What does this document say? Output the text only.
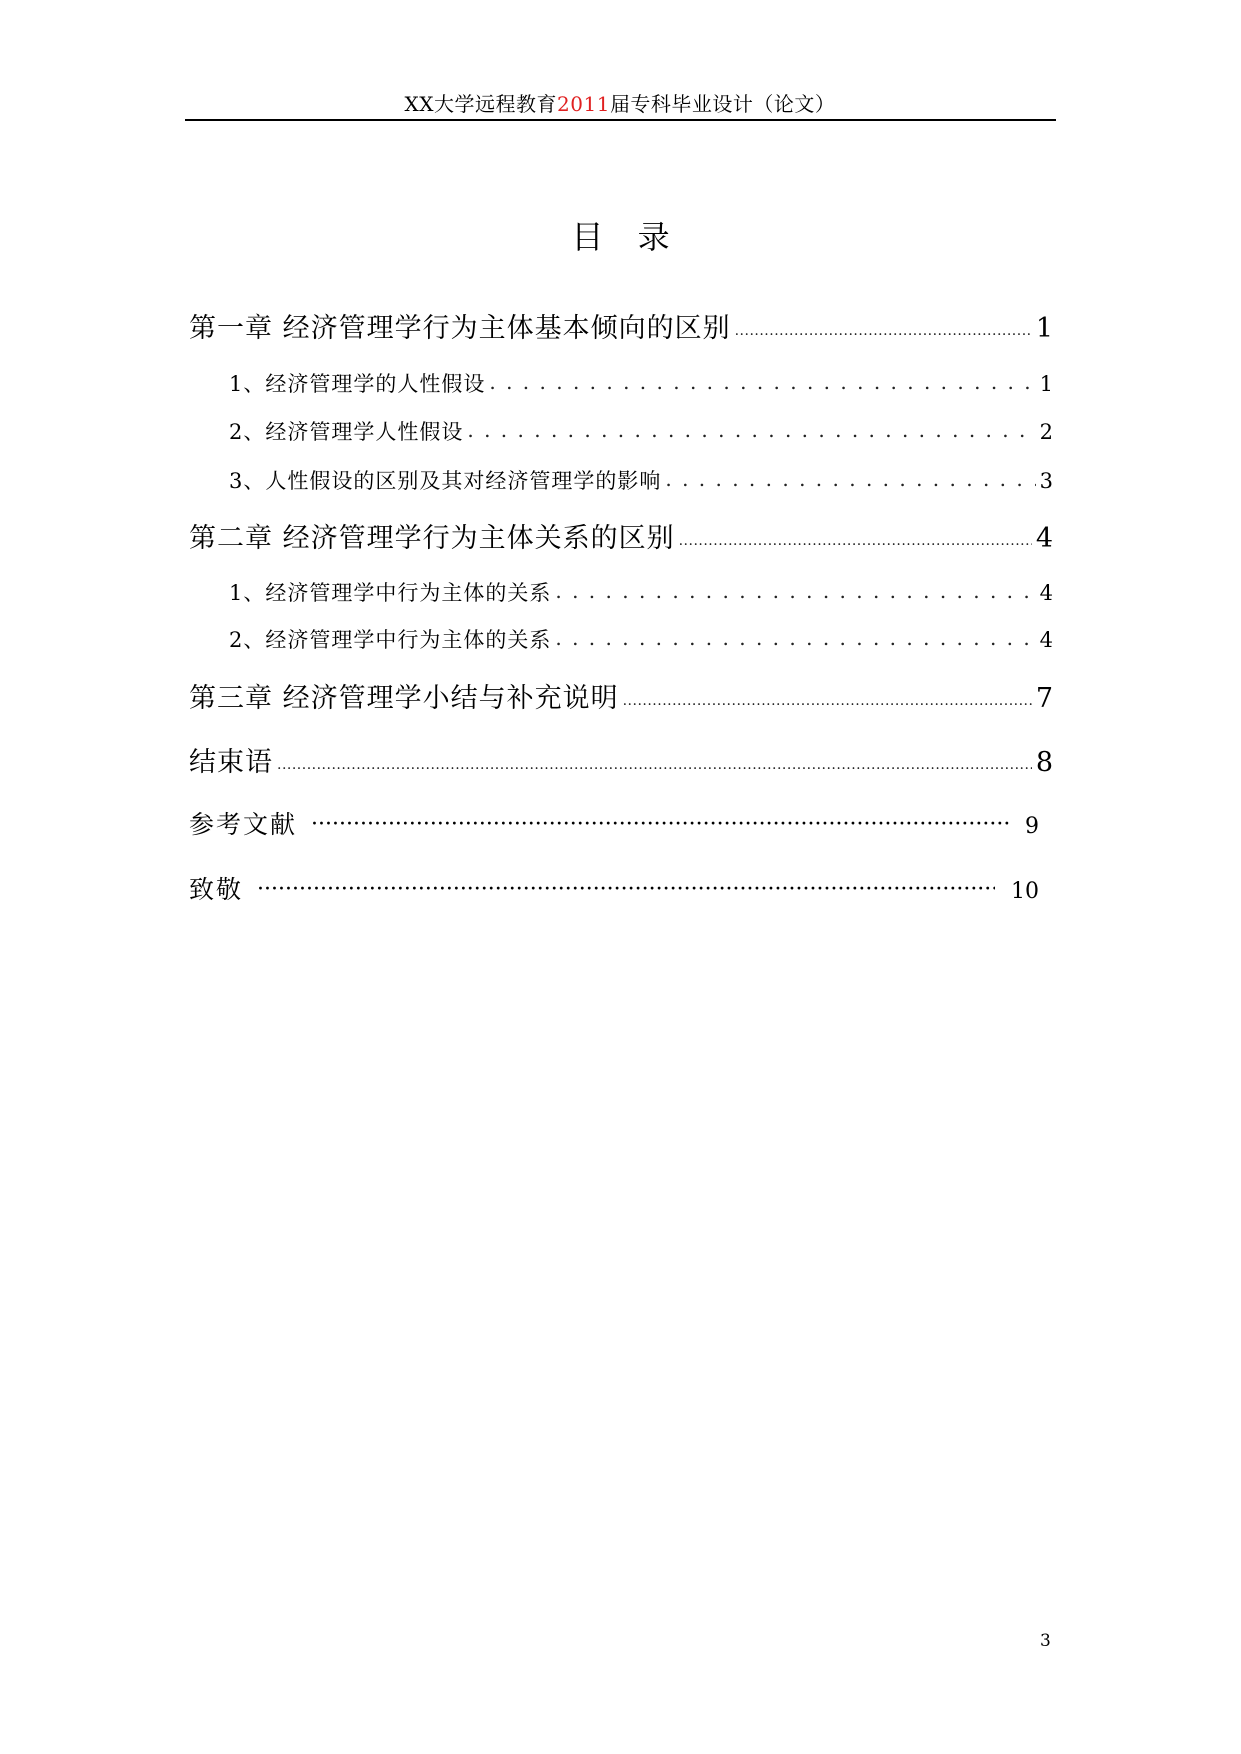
XX大学远程教育2011届专科毕业设计（论文）
目 录
第一章 经济管理学行为主体基本倾向的区别 .....	1
1、经济管理学的人性假设 . . .	1
2、经济管理学人性假设 . . .	2
3、人性假设的区别及其对经济管理学的影响 . . .	3
第二章 经济管理学行为主体关系的区别 .....	4
1、经济管理学中行为主体的关系 . . .	4
2、经济管理学中行为主体的关系 . . .	4
第三章 经济管理学小结与补充说明 .....	7
结束语 .....	8
参考文献 ·····	9
致敬 ·····	10
3
